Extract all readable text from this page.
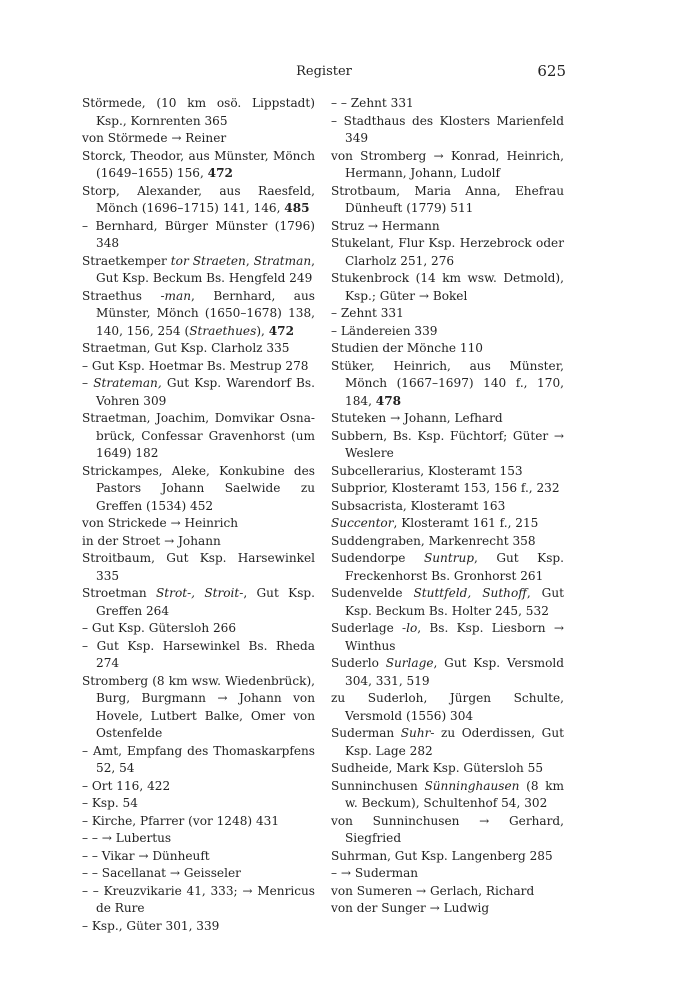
Register	625
Störmede, (10 km osö. Lippstadt) Ksp., Kornrenten 365
von Störmede → Reiner
Storck, Theodor, aus Münster, Mönch (1649–1655) 156, 472
Storp, Alexander, aus Raesfeld, Mönch (1696–1715) 141, 146, 485
– Bernhard, Bürger Münster (1796) 348
Straetkemper tor Straeten, Stratman, Gut Ksp. Beckum Bs. Hengfeld 249
Straethus -man, Bernhard, aus Münster, Mönch (1650–1678) 138, 140, 156, 254 (Straethues), 472
Straetman, Gut Ksp. Clarholz 335
– Gut Ksp. Hoetmar Bs. Mestrup 278
– Strateman, Gut Ksp. Warendorf Bs. Vohren 309
Straetman, Joachim, Domvikar Osnabrück, Confessar Gravenhorst (um 1649) 182
Strickampes, Aleke, Konkubine des Pastors Johann Saelwide zu Greffen (1534) 452
von Strickede → Heinrich
in der Stroet → Johann
Stroitbaum, Gut Ksp. Harsewinkel 335
Stroetman Strot-, Stroit-, Gut Ksp. Greffen 264
– Gut Ksp. Gütersloh 266
– Gut Ksp. Harsewinkel Bs. Rheda 274
Stromberg (8 km wsw. Wiedenbrück), Burg, Burgmann → Johann von Hovele, Lutbert Balke, Omer von Ostenfelde
– Amt, Empfang des Thomaskarpfens 52, 54
– Ort 116, 422
– Ksp. 54
– Kirche, Pfarrer (vor 1248) 431
– – → Lubertus
– – Vikar → Dünheuft
– – Sacellanat → Geisseler
– – Kreuzvikarie 41, 333; → Menricus de Rure
– Ksp., Güter 301, 339
– – Zehnt 331
– Stadthaus des Klosters Marienfeld 349
von Stromberg → Konrad, Heinrich, Hermann, Johann, Ludolf
Strotbaum, Maria Anna, Ehefrau Dünheuft (1779) 511
Struz → Hermann
Stukelant, Flur Ksp. Herzebrock oder Clarholz 251, 276
Stukenbrock (14 km wsw. Detmold), Ksp.; Güter → Bokel
– Zehnt 331
– Ländereien 339
Studien der Mönche 110
Stüker, Heinrich, aus Münster, Mönch (1667–1697) 140 f., 170, 184, 478
Stuteken → Johann, Lefhard
Subbern, Bs. Ksp. Füchtorf; Güter → Weslere
Subcellerarius, Klosteramt 153
Subprior, Klosteramt 153, 156 f., 232
Subsacrista, Klosteramt 163
Succentor, Klosteramt 161 f., 215
Suddengraben, Markenrecht 358
Sudendorpe Suntrup, Gut Ksp. Freckenhorst Bs. Gronhorst 261
Sudenvelde Stuttfeld, Suthoff, Gut Ksp. Beckum Bs. Holter 245, 532
Suderlage -lo, Bs. Ksp. Liesborn → Winthus
Suderlo Surlage, Gut Ksp. Versmold 304, 331, 519
zu Suderloh, Jürgen Schulte, Versmold (1556) 304
Suderman Suhr- zu Oderdissen, Gut Ksp. Lage 282
Sudheide, Mark Ksp. Gütersloh 55
Sunninchusen Sünninghausen (8 km w. Beckum), Schultenhof 54, 302
von Sunninchusen → Gerhard, Siegfried
Suhrman, Gut Ksp. Langenberg 285
– → Suderman
von Sumeren → Gerlach, Richard
von der Sunger → Ludwig
